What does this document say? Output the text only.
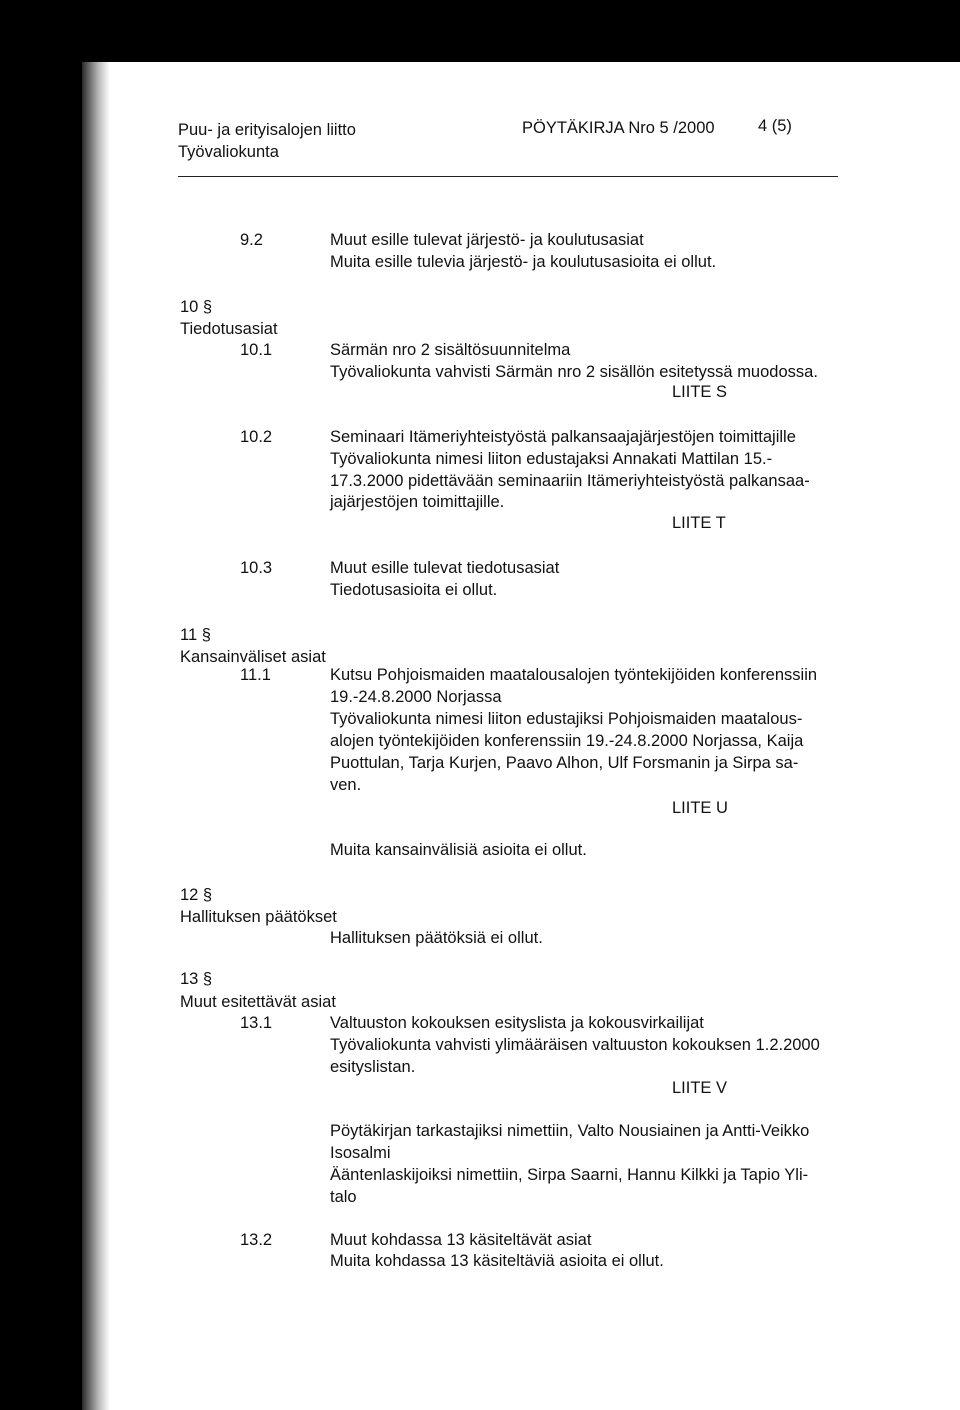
Puu- ja erityisalojen liitto
Työvaliokunta
PÖYTÄKIRJA Nro 5 /2000	4 (5)
9.2	Muut esille tulevat järjestö- ja koulutusasiat
Muita esille tulevia järjestö- ja koulutusasioita ei ollut.
10 §
Tiedotusasiat
10.1	Särmän nro 2 sisältösuunnitelma
Työvaliokunta vahvisti Särmän nro 2 sisällön esitetyssä muodossa.
LIITE S
10.2	Seminaari Itämeriyhteistyöstä palkansaajajärjestöjen toimittajille
Työvaliokunta nimesi liiton edustajaksi Annakati Mattilan 15.-
17.3.2000 pidettävään seminaariin Itämeriyhteistyöstä palkansaa-
jajärjestöjen toimittajille.
LIITE T
10.3	Muut esille tulevat tiedotusasiat
Tiedotusasioita ei ollut.
11 §
Kansainväliset asiat
11.1	Kutsu Pohjoismaiden maatalousalojen työntekijöiden konferenssiin
19.-24.8.2000 Norjassa
Työvaliokunta nimesi liiton edustajiksi Pohjoismaiden maatalous-
alojen työntekijöiden konferenssiin 19.-24.8.2000 Norjassa, Kaija
Puottulan, Tarja Kurjen, Paavo Alhon, Ulf Forsmanin ja Sirpa sa-
ven.
LIITE U
Muita kansainvälisiä asioita ei ollut.
12 §
Hallituksen päätökset
Hallituksen päätöksiä ei ollut.
13 §
Muut esitettävät asiat
13.1	Valtuuston kokouksen esityslista ja kokousvirkailijat
Työvaliokunta vahvisti ylimääräisen valtuuston kokouksen 1.2.2000
esityslistan.
LIITE V
Pöytäkirjan tarkastajiksi nimettiin, Valto Nousiainen ja Antti-Veikko
Isosalmi
Ääntenlaskijoiksi nimettiin, Sirpa Saarni, Hannu Kilkki ja Tapio Yli-
talo
13.2	Muut kohdassa 13 käsiteltävät asiat
Muita kohdassa 13 käsiteltäviä asioita ei ollut.
